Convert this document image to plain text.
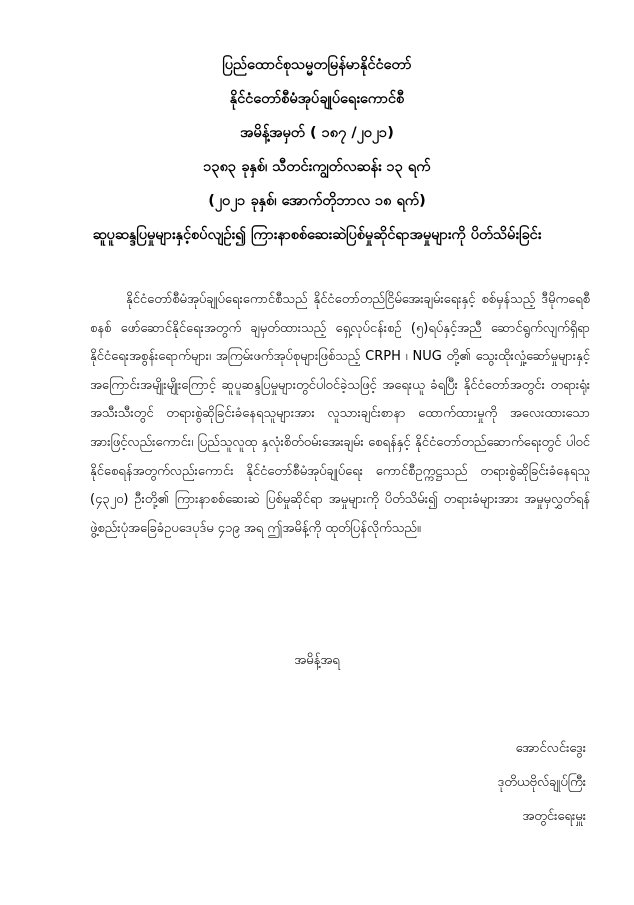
ပြည်ထောင်စုသမ္မတမြန်မာနိုင်ငံတော်
နိုင်ငံတော်စီမံအုပ်ချုပ်ရေးကောင်စီ
အမိန့်အမှတ် ( ၁၈၇ /၂၀၂၁)
၁၃၈၃ ခုနှစ်၊ သီတင်းကျွတ်လဆန်း ၁၃ ရက်
(၂၀၂၁ ခုနှစ်၊ အောက်တိုဘာလ ၁၈ ရက်)
ဆူပူဆန္ဒပြမှုများနှင့်စပ်လျဉ်း၍ ကြားနာစစ်ဆေးဆဲပြစ်မှုဆိုင်ရာအမှုများကို ပိတ်သိမ်းခြင်း
နိုင်ငံတော်စီမံအုပ်ချုပ်ရေးကောင်စီသည် နိုင်ငံတော်တည်ငြိမ်အေးချမ်းရေးနှင့် စစ်မှန်သည့် ဒီမိုကရေစီစနစ် ဖော်ဆောင်နိုင်ရေးအတွက် ချမှတ်ထားသည့် ရှေ့လုပ်ငန်းစဉ် (၅)ရပ်နှင့်အညီ ဆောင်ရွက်လျက်ရှိရာ နိုင်ငံရေးအစွန်းရောက်များ၊ အကြမ်းဖက်အုပ်စုများဖြစ်သည့် CRPH ၊ NUG တို့၏ သွေးထိုးလှုံ့ဆော်မှုများနှင့် အကြောင်းအမျိုးမျိုးကြောင့် ဆူပူဆန္ဒပြမှုများတွင်ပါဝင်ခဲ့သဖြင့် အရေးယူ ခံရပြီး နိုင်ငံတော်အတွင်း တရားရုံးအသီးသီးတွင် တရားစွဲဆိုခြင်းခံနေရသူများအား လူသားချင်းစာနာ ထောက်ထားမှုကို အလေးထားသောအားဖြင့်လည်းကောင်း၊ ပြည်သူလူထု နှလုံးစိတ်ဝမ်းအေးချမ်း စေရန်နှင့် နိုင်ငံတော်တည်ဆောက်ရေးတွင် ပါဝင်နိုင်စေရန်အတွက်လည်းကောင်း နိုင်ငံတော်စီမံအုပ်ချုပ်ရေး ကောင်စီဥက္ကဋ္ဌသည် တရားစွဲဆိုခြင်းခံနေရသူ (၄၃၂၀) ဦးတို့၏ ကြားနာစစ်ဆေးဆဲ ပြစ်မှုဆိုင်ရာ အမှုများကို ပိတ်သိမ်း၍ တရားခံများအား အမှုမှလွှတ်ရန် ဖွဲ့စည်းပုံအခြေခံဥပဒေပုဒ်မ ၄၁၉ အရ ဤအမိန့်ကို ထုတ်ပြန်လိုက်သည်။
အမိန့်အရ
အောင်လင်းဒွေး
ဒုတိယဗိုလ်ချုပ်ကြီး
အတွင်းရေးမှူး
